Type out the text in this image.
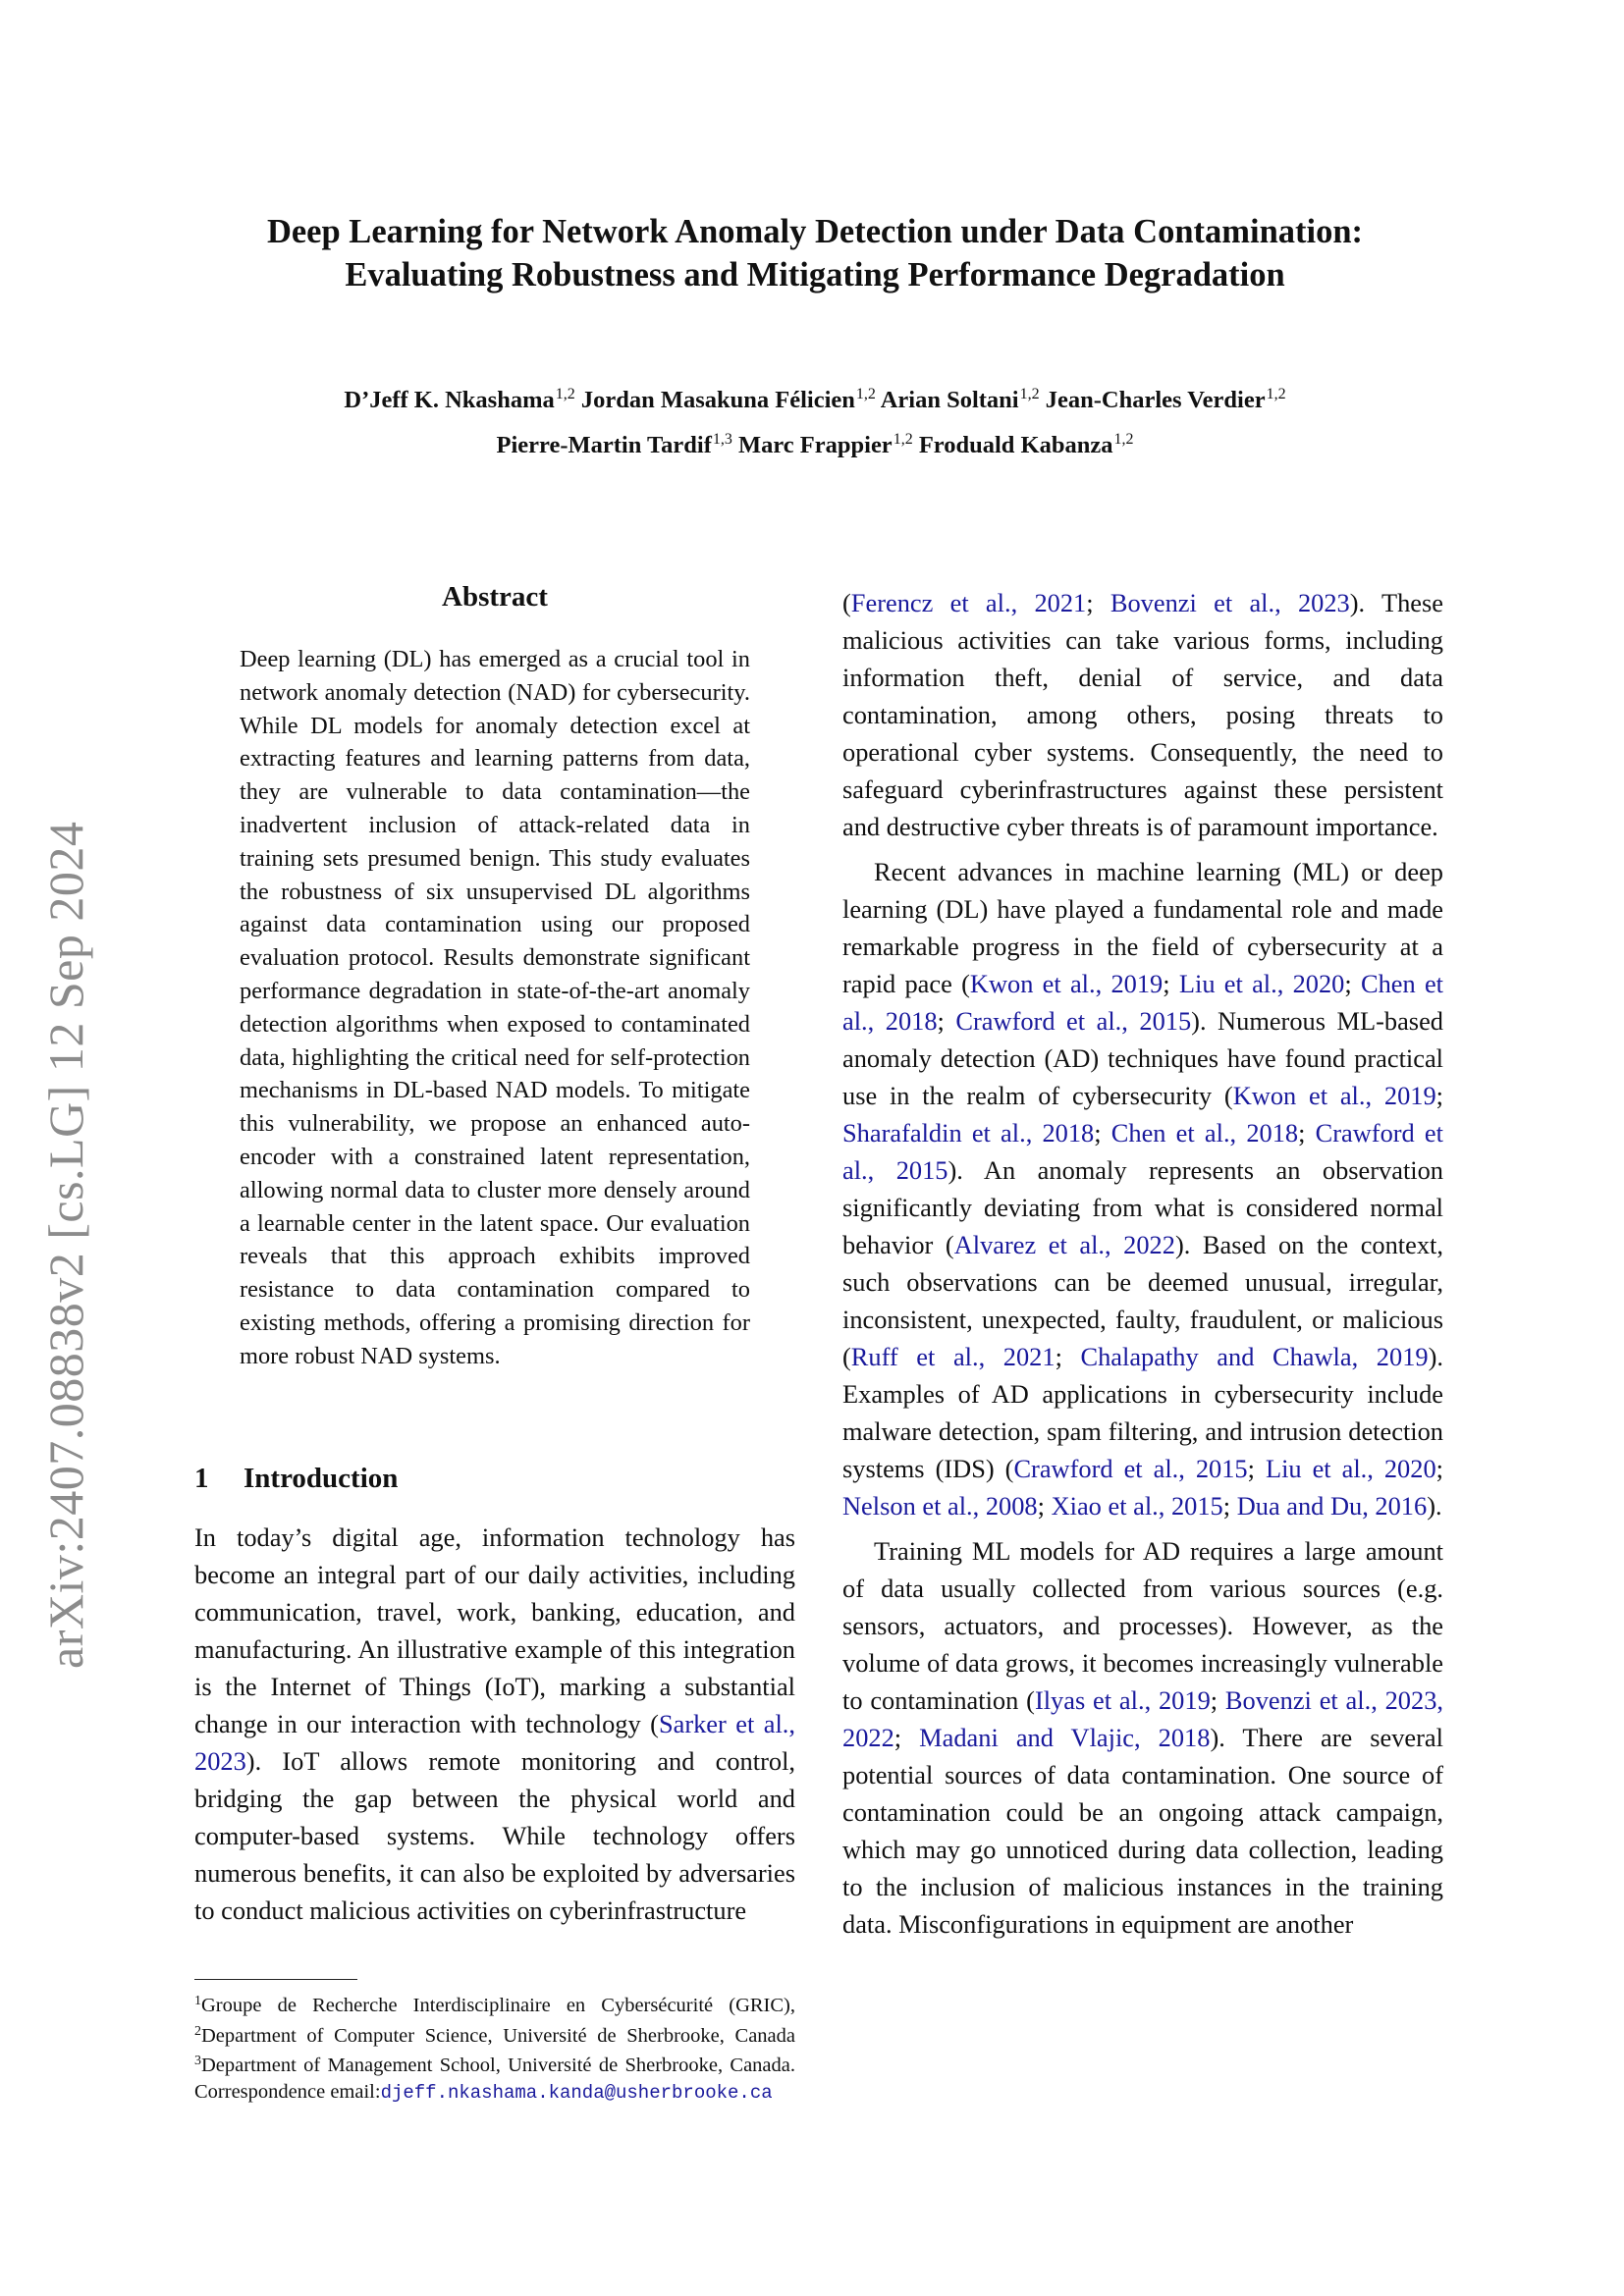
arXiv:2407.08838v2 [cs.LG] 12 Sep 2024
Deep Learning for Network Anomaly Detection under Data Contamination:
Evaluating Robustness and Mitigating Performance Degradation
D’Jeff K. Nkashama$^{1,2}$ Jordan Masakuna Félicien$^{1,2}$ Arian Soltani$^{1,2}$ Jean-Charles Verdier$^{1,2}$
Pierre-Martin Tardif$^{1,3}$ Marc Frappier$^{1,2}$ Froduald Kabanza$^{1,2}$
Abstract
Deep learning (DL) has emerged as a crucial tool in network anomaly detection (NAD) for cybersecurity. While DL models for anomaly detection excel at extracting features and learning patterns from data, they are vulnerable to data contamination—the inadvertent inclusion of attack-related data in training sets presumed benign. This study evaluates the robustness of six unsupervised DL algorithms against data contamination using our proposed evaluation protocol. Results demonstrate significant performance degradation in state-of-the-art anomaly detection algorithms when exposed to contaminated data, highlighting the critical need for self-protection mechanisms in DL-based NAD models. To mitigate this vulnerability, we propose an enhanced auto-encoder with a constrained latent representation, allowing normal data to cluster more densely around a learnable center in the latent space. Our evaluation reveals that this approach exhibits improved resistance to data contamination compared to existing methods, offering a promising direction for more robust NAD systems.
1 Introduction

In today’s digital age, information technology has become an integral part of our daily activities, including communication, travel, work, banking, education, and manufacturing. An illustrative example of this integration is the Internet of Things (IoT), marking a substantial change in our interaction with technology (Sarker et al., 2023). IoT allows remote monitoring and control, bridging the gap between the physical world and computer-based systems. While technology offers numerous benefits, it can also be exploited by adversaries to conduct malicious activities on cyberinfrastructure

$^1$Groupe de Recherche Interdisciplinaire en Cybersécurité (GRIC), $^2$Department of Computer Science, Université de Sherbrooke, Canada $^3$Department of Management School, Université de Sherbrooke, Canada. Correspondence email:djeff.nkashama.kanda@usherbrooke.ca

(Ferencz et al., 2021; Bovenzi et al., 2023). These malicious activities can take various forms, including information theft, denial of service, and data contamination, among others, posing threats to operational cyber systems. Consequently, the need to safeguard cyberinfrastructures against these persistent and destructive cyber threats is of paramount importance.

Recent advances in machine learning (ML) or deep learning (DL) have played a fundamental role and made remarkable progress in the field of cybersecurity at a rapid pace (Kwon et al., 2019; Liu et al., 2020; Chen et al., 2018; Crawford et al., 2015). Numerous ML-based anomaly detection (AD) techniques have found practical use in the realm of cybersecurity (Kwon et al., 2019; Sharafaldin et al., 2018; Chen et al., 2018; Crawford et al., 2015). An anomaly represents an observation significantly deviating from what is considered normal behavior (Alvarez et al., 2022). Based on the context, such observations can be deemed unusual, irregular, inconsistent, unexpected, faulty, fraudulent, or malicious (Ruff et al., 2021; Chalapathy and Chawla, 2019). Examples of AD applications in cybersecurity include malware detection, spam filtering, and intrusion detection systems (IDS) (Crawford et al., 2015; Liu et al., 2020; Nelson et al., 2008; Xiao et al., 2015; Dua and Du, 2016).

Training ML models for AD requires a large amount of data usually collected from various sources (e.g. sensors, actuators, and processes). However, as the volume of data grows, it becomes increasingly vulnerable to contamination (Ilyas et al., 2019; Bovenzi et al., 2023, 2022; Madani and Vlajic, 2018). There are several potential sources of data contamination. One source of contamination could be an ongoing attack campaign, which may go unnoticed during data collection, leading to the inclusion of malicious instances in the training data. Misconfigurations in equipment are another
